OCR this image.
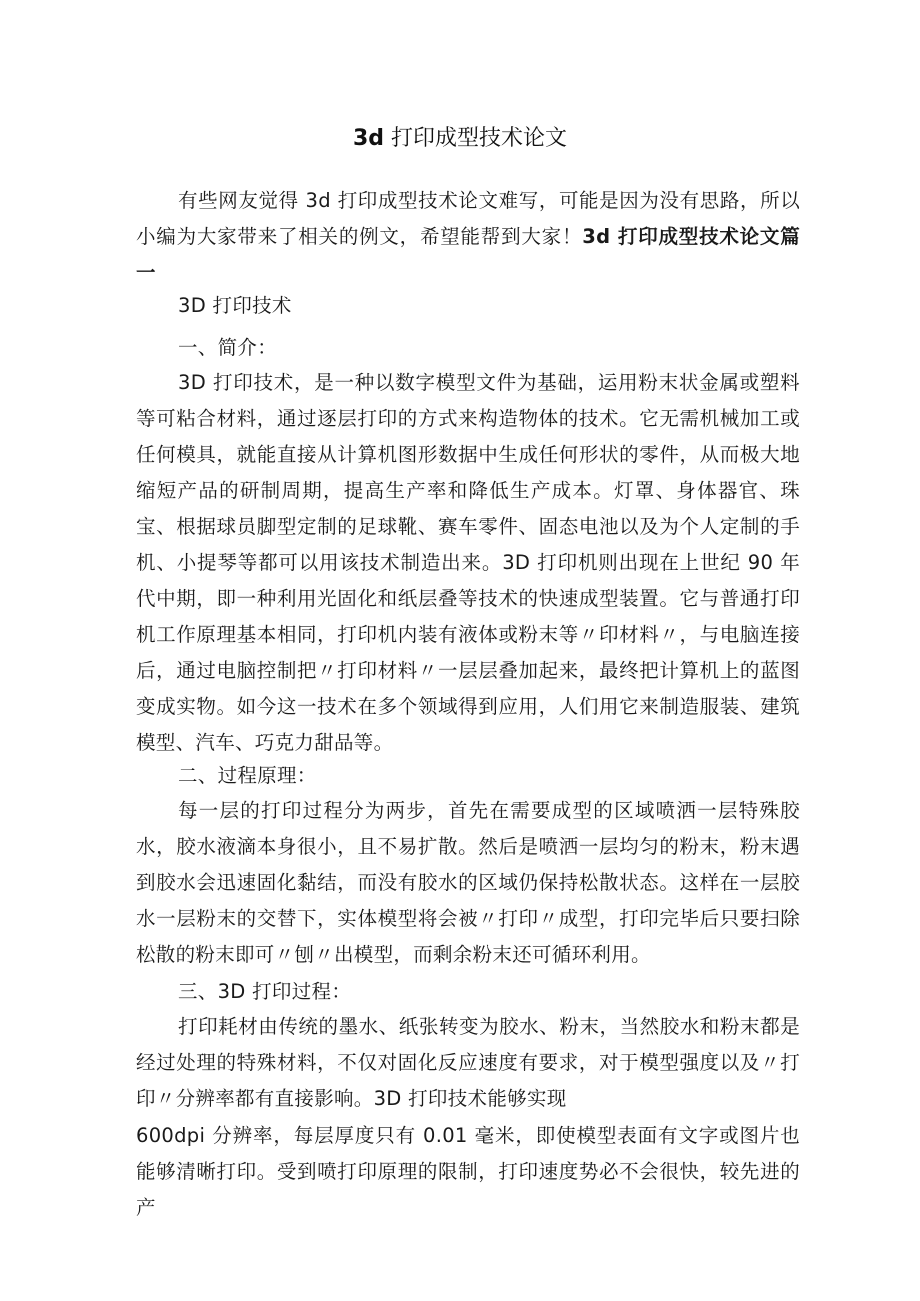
3d 打印成型技术论文

有些网友觉得 3d 打印成型技术论文难写，可能是因为没有思路，所以小编为大家带来了相关的例文，希望能帮到大家！3d 打印成型技术论文篇一

3D 打印技术

一、简介：

3D 打印技术，是一种以数字模型文件为基础，运用粉末状金属或塑料等可粘合材料，通过逐层打印的方式来构造物体的技术。它无需机械加工或任何模具，就能直接从计算机图形数据中生成任何形状的零件，从而极大地缩短产品的研制周期，提高生产率和降低生产成本。灯罩、身体器官、珠宝、根据球员脚型定制的足球靴、赛车零件、固态电池以及为个人定制的手机、小提琴等都可以用该技术制造出来。3D 打印机则出现在上世纪 90 年代中期，即一种利用光固化和纸层叠等技术的快速成型装置。它与普通打印机工作原理基本相同，打印机内装有液体或粉末等〃印材料〃，与电脑连接后，通过电脑控制把〃打印材料〃一层层叠加起来，最终把计算机上的蓝图变成实物。如今这一技术在多个领域得到应用，人们用它来制造服装、建筑模型、汽车、巧克力甜品等。

二、过程原理：

每一层的打印过程分为两步，首先在需要成型的区域喷洒一层特殊胶水，胶水液滴本身很小，且不易扩散。然后是喷洒一层均匀的粉末，粉末遇到胶水会迅速固化黏结，而没有胶水的区域仍保持松散状态。这样在一层胶水一层粉末的交替下，实体模型将会被〃打印〃成型，打印完毕后只要扫除松散的粉末即可〃刨〃出模型，而剩余粉末还可循环利用。

三、3D 打印过程：

打印耗材由传统的墨水、纸张转变为胶水、粉末，当然胶水和粉末都是经过处理的特殊材料，不仅对固化反应速度有要求，对于模型强度以及〃打印〃分辨率都有直接影响。3D 打印技术能够实现

600dpi 分辨率，每层厚度只有 0.01 毫米，即使模型表面有文字或图片也能够清晰打印。受到喷打印原理的限制，打印速度势必不会很快，较先进的产
